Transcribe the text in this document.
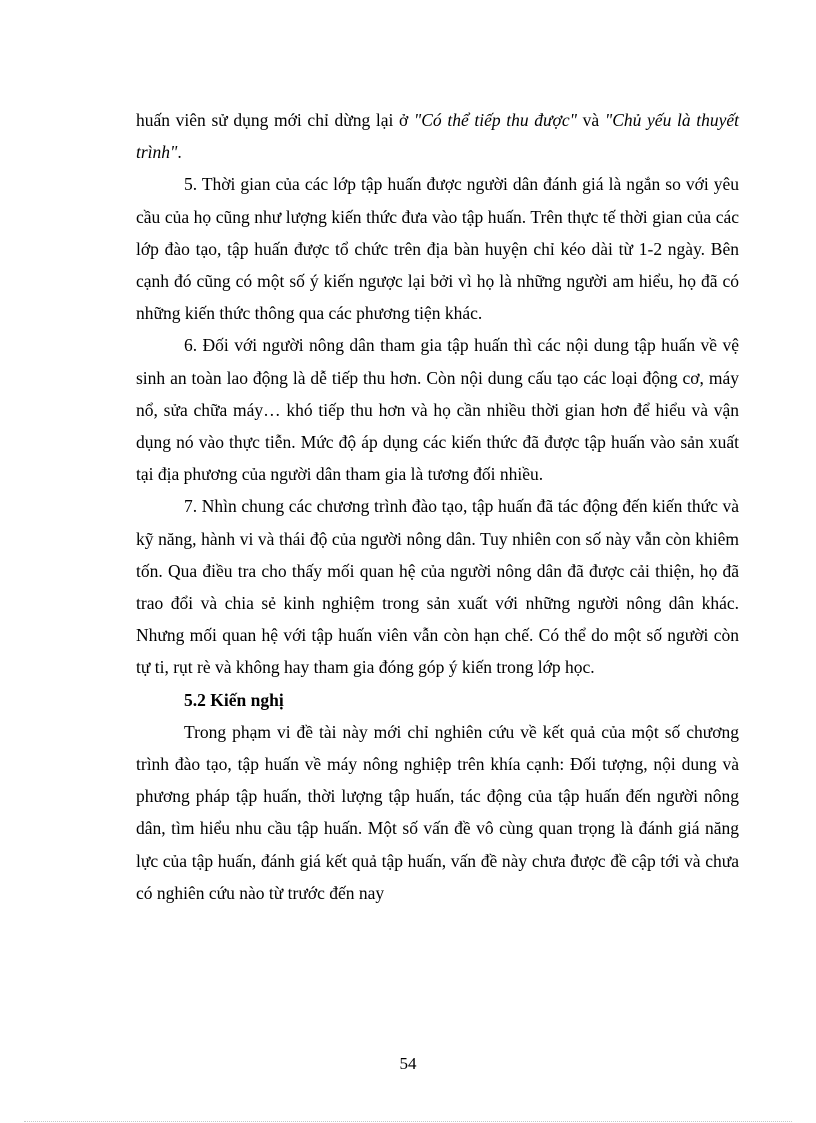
huấn viên sử dụng mới chỉ dừng lại ở "Có thể tiếp thu được" và "Chủ yếu là thuyết trình".

5. Thời gian của các lớp tập huấn được người dân đánh giá là ngắn so với yêu cầu của họ cũng như lượng kiến thức đưa vào tập huấn. Trên thực tế thời gian của các lớp đào tạo, tập huấn được tổ chức trên địa bàn huyện chỉ kéo dài từ 1-2 ngày. Bên cạnh đó cũng có một số ý kiến ngược lại bởi vì họ là những người am hiểu, họ đã có những kiến thức thông qua các phương tiện khác.

6. Đối với người nông dân tham gia tập huấn thì các nội dung tập huấn về vệ sinh an toàn lao động là dễ tiếp thu hơn. Còn nội dung cấu tạo các loại động cơ, máy nổ, sửa chữa máy… khó tiếp thu hơn và họ cần nhiều thời gian hơn để hiểu và vận dụng nó vào thực tiễn. Mức độ áp dụng các kiến thức đã được tập huấn vào sản xuất tại địa phương của người dân tham gia là tương đối nhiều.

7. Nhìn chung các chương trình đào tạo, tập huấn đã tác động đến kiến thức và kỹ năng, hành vi và thái độ của người nông dân. Tuy nhiên con số này vẫn còn khiêm tốn. Qua điều tra cho thấy mối quan hệ của người nông dân đã được cải thiện, họ đã trao đổi và chia sẻ kinh nghiệm trong sản xuất với những người nông dân khác. Nhưng mối quan hệ với tập huấn viên vẫn còn hạn chế. Có thể do một số người còn tự ti, rụt rè và không hay tham gia đóng góp ý kiến trong lớp học.

5.2 Kiến nghị

Trong phạm vi đề tài này mới chỉ nghiên cứu về kết quả của một số chương trình đào tạo, tập huấn về máy nông nghiệp trên khía cạnh: Đối tượng, nội dung và phương pháp tập huấn, thời lượng tập huấn, tác động của tập huấn đến người nông dân, tìm hiểu nhu cầu tập huấn. Một số vấn đề vô cùng quan trọng là đánh giá năng lực của tập huấn, đánh giá kết quả tập huấn, vấn đề này chưa được đề cập tới và chưa có nghiên cứu nào từ trước đến nay

54
